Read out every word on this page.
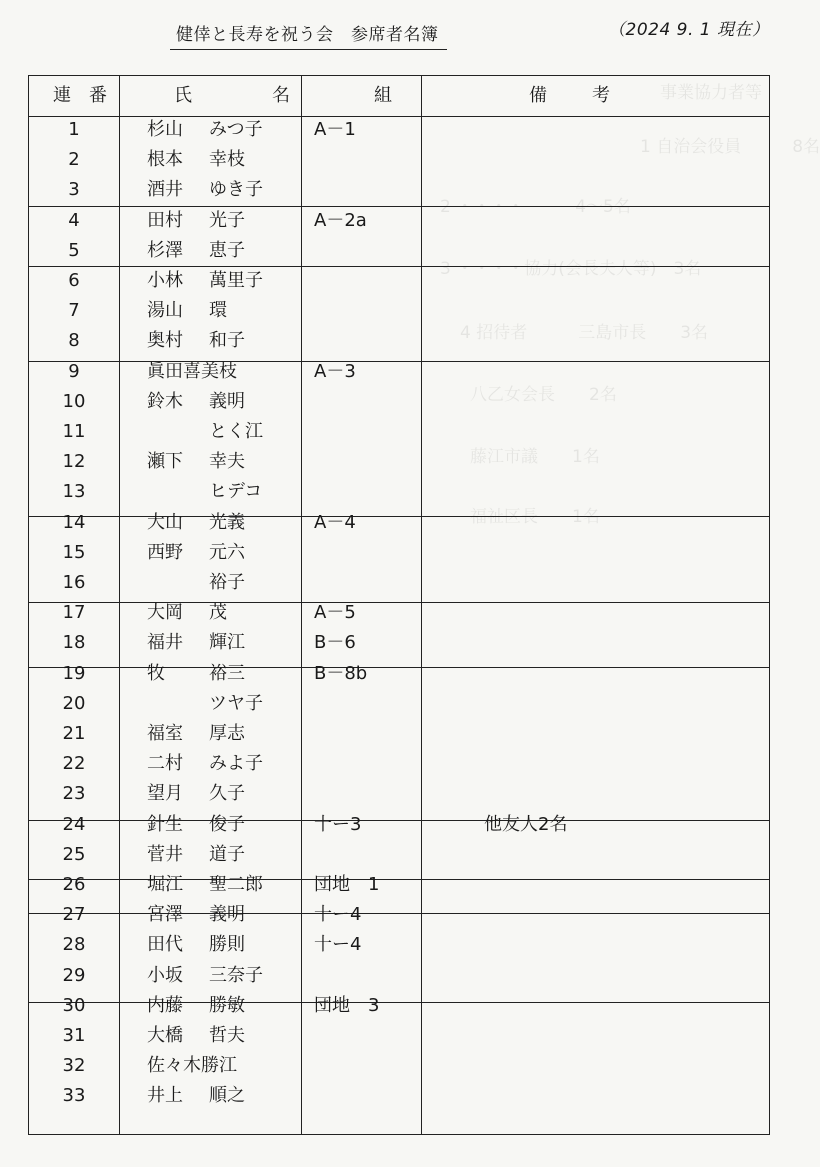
健倖と長寿を祝う会　参席者名簿	（2024 9. 1 現在）
事業協力者等
1 自治会役員　　　8名
2 ・・・・　　　4～5名
3 ・・・・協力(会長夫人等)　3名
4 招待者　　　三島市長　　3名
八乙女会長　　2名
藤江市議　　1名
福祉区長　　1名
連　番	氏	名	組	備	考
1	杉山 みつ子	A－1
2	根本 幸枝
3	酒井 ゆき子
4	田村 光子	A－2a
5	杉澤 恵子
6	小林 萬里子
7	湯山 環
8	奥村 和子
9	眞田喜美枝	A－3
10	鈴木 義明
11	とく江
12	瀬下 幸夫
13	ヒデコ
14	大山 光義	A－4
15	西野 元六
16	裕子
17	大岡 茂	A－5
18	福井 輝江	B－6
19	牧 裕三	B－8b
20	ツヤ子
21	福室 厚志
22	二村 みよ子
23	望月 久子
24	針生 俊子	十ー3	他友人2名
25	菅井 道子
26	堀江 聖二郎	団地　1
27	宮澤 義明	十ー4
28	田代 勝則	十ー4
29	小坂 三奈子
30	内藤 勝敏	団地　3
31	大橋 哲夫
32	佐々木勝江
33	井上 順之
